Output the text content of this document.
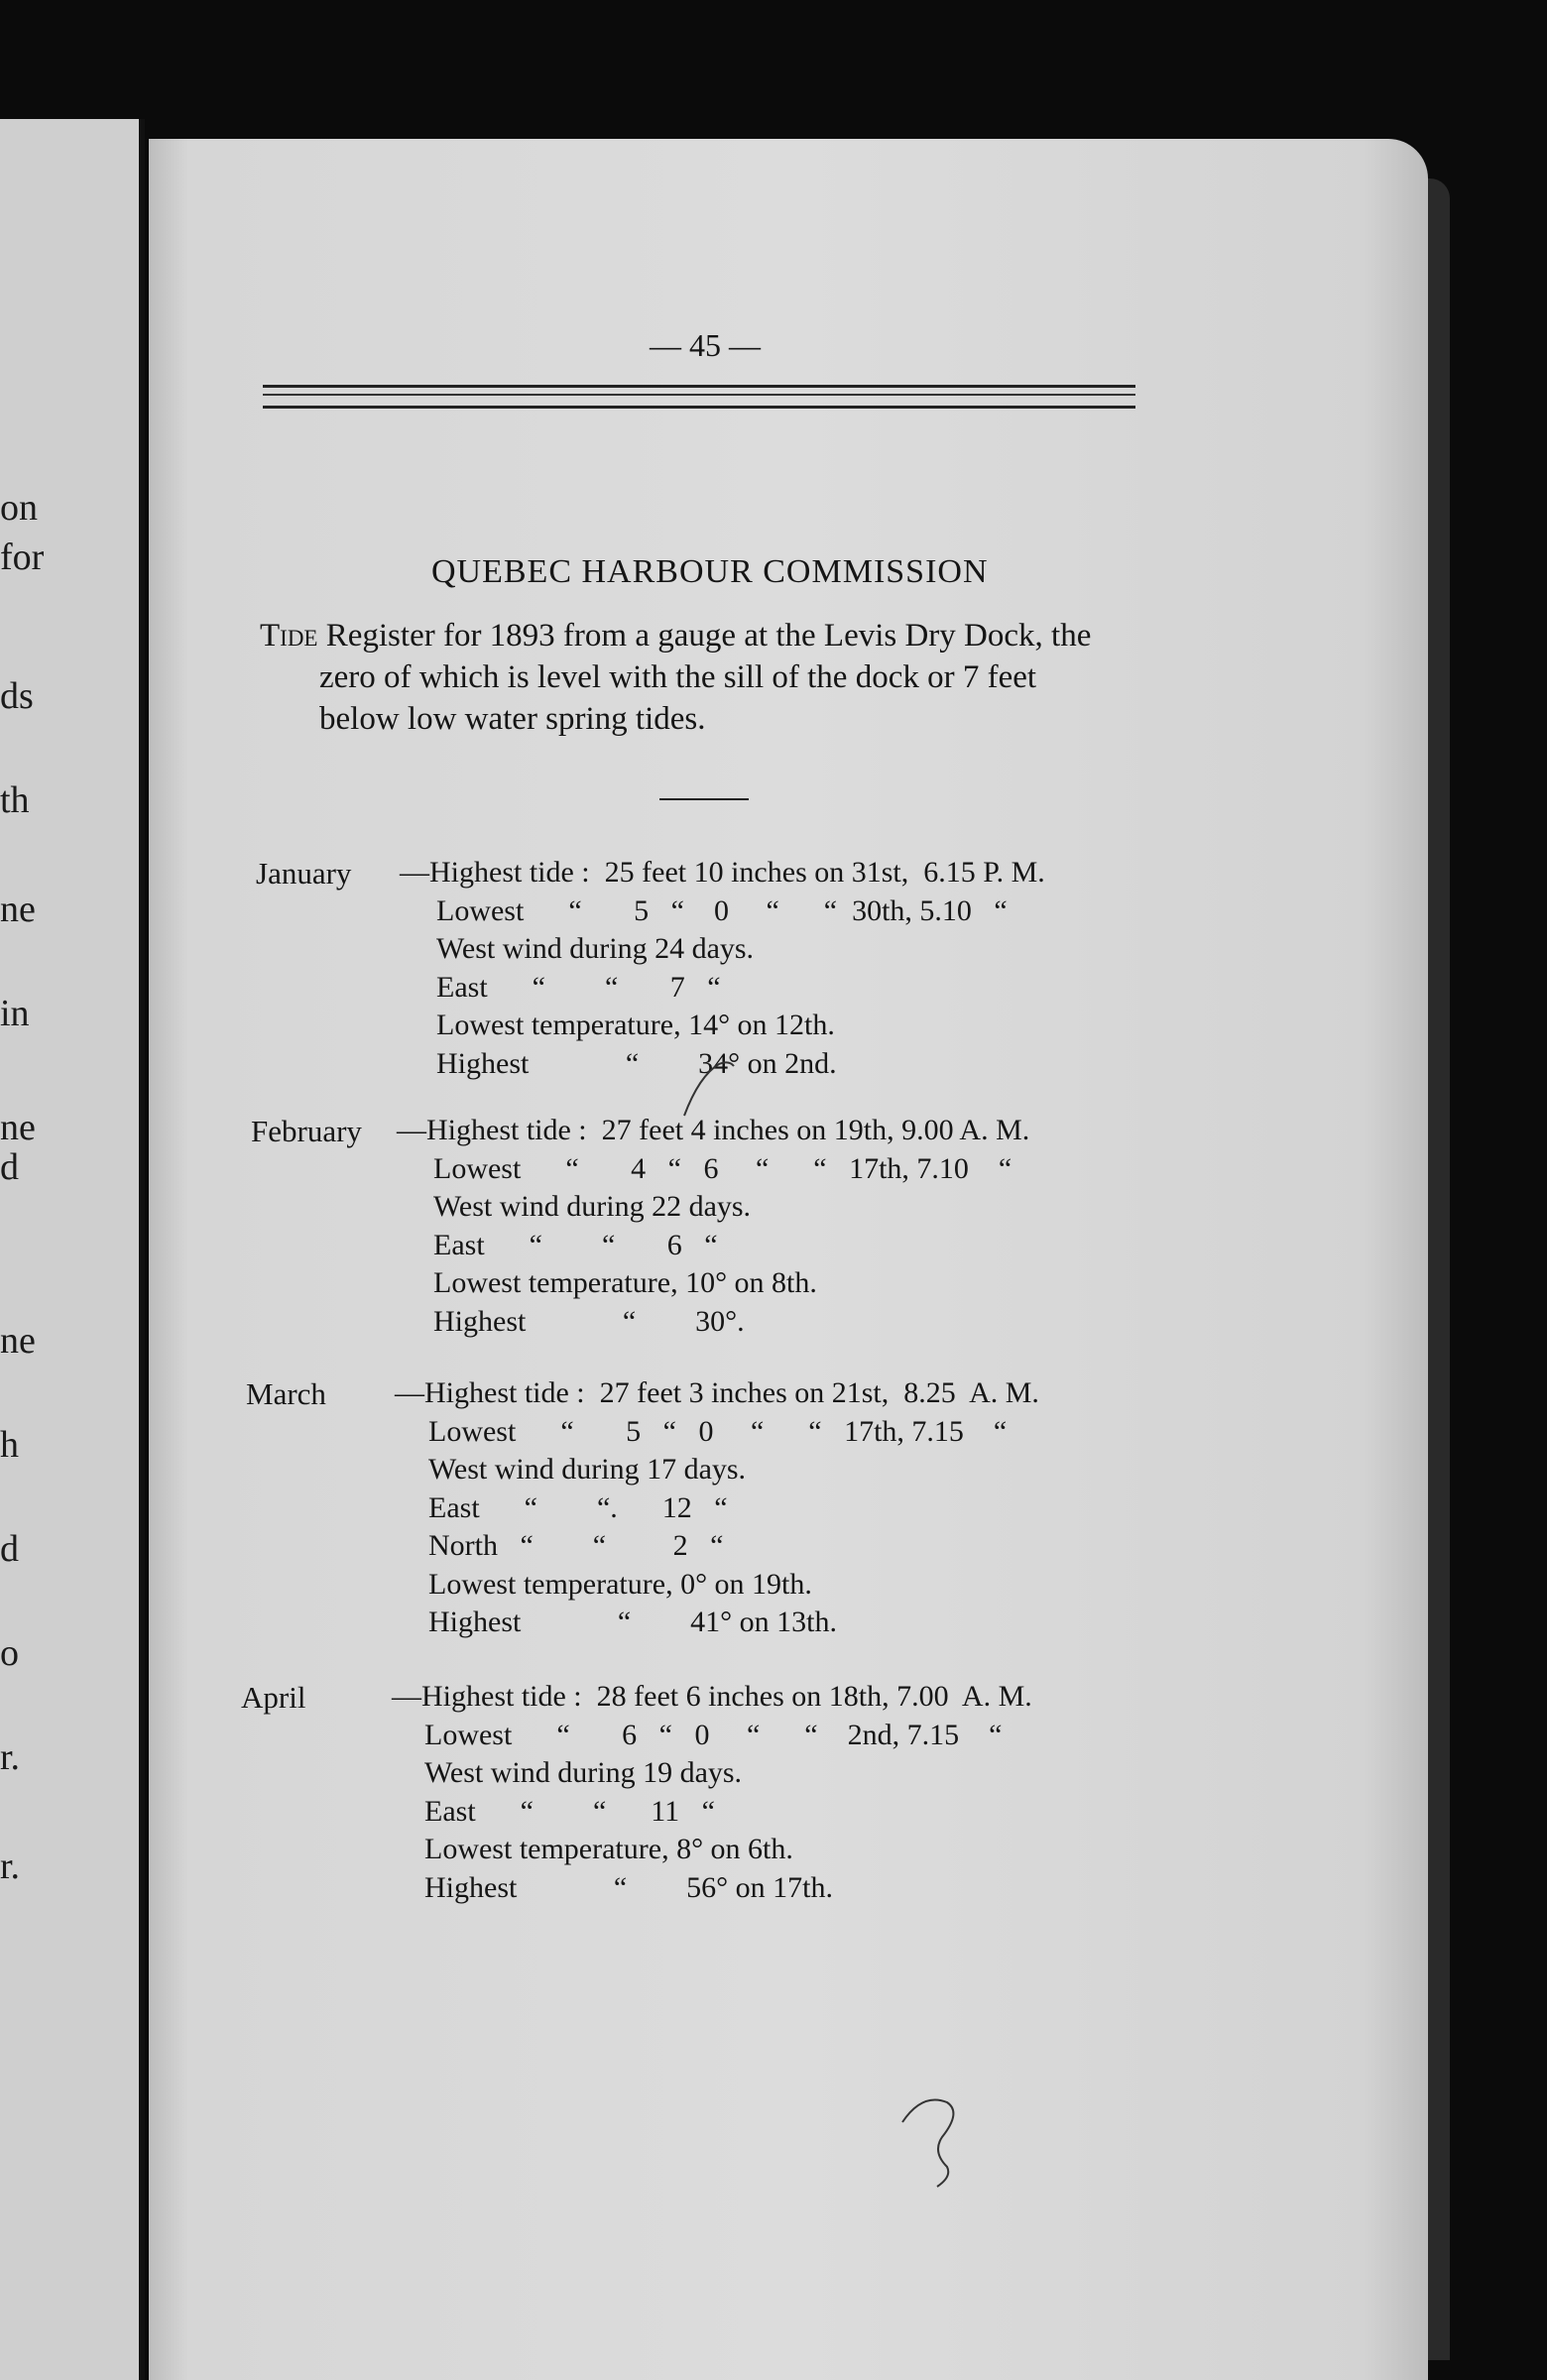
on
for
ds
th
ne
in
ne
d
ne
h
d
o
r.
r.
— 45 —
QUEBEC HARBOUR COMMISSION
Tide Register for 1893 from a gauge at the Levis Dry Dock, the
zero of which is level with the sill of the dock or 7 feet
below low water spring tides.
January —Highest tide :  25 feet 10 inches on 31st,  6.15 P. M.
Lowest      “       5   “    0     “      “  30th, 5.10   “
West wind during 24 days.
East      “        “       7   “
Lowest temperature, 14° on 12th.
Highest             “        34° on 2nd.
February —Highest tide :  27 feet 4 inches on 19th, 9.00 A. M.
Lowest      “       4   “   6     “      “   17th, 7.10    “
West wind during 22 days.
East      “        “       6   “
Lowest temperature, 10° on 8th.
Highest             “        30°.
March —Highest tide :  27 feet 3 inches on 21st,  8.25  A. M.
Lowest      “       5   “   0     “      “   17th, 7.15    “
West wind during 17 days.
East      “        “.      12   “
North   “        “         2   “
Lowest temperature, 0° on 19th.
Highest             “        41° on 13th.
April	—Highest tide :  28 feet 6 inches on 18th, 7.00  A. M.
Lowest      “       6   “   0     “      “    2nd, 7.15    “
West wind during 19 days.
East      “        “      11   “
Lowest temperature, 8° on 6th.
Highest             “        56° on 17th.
